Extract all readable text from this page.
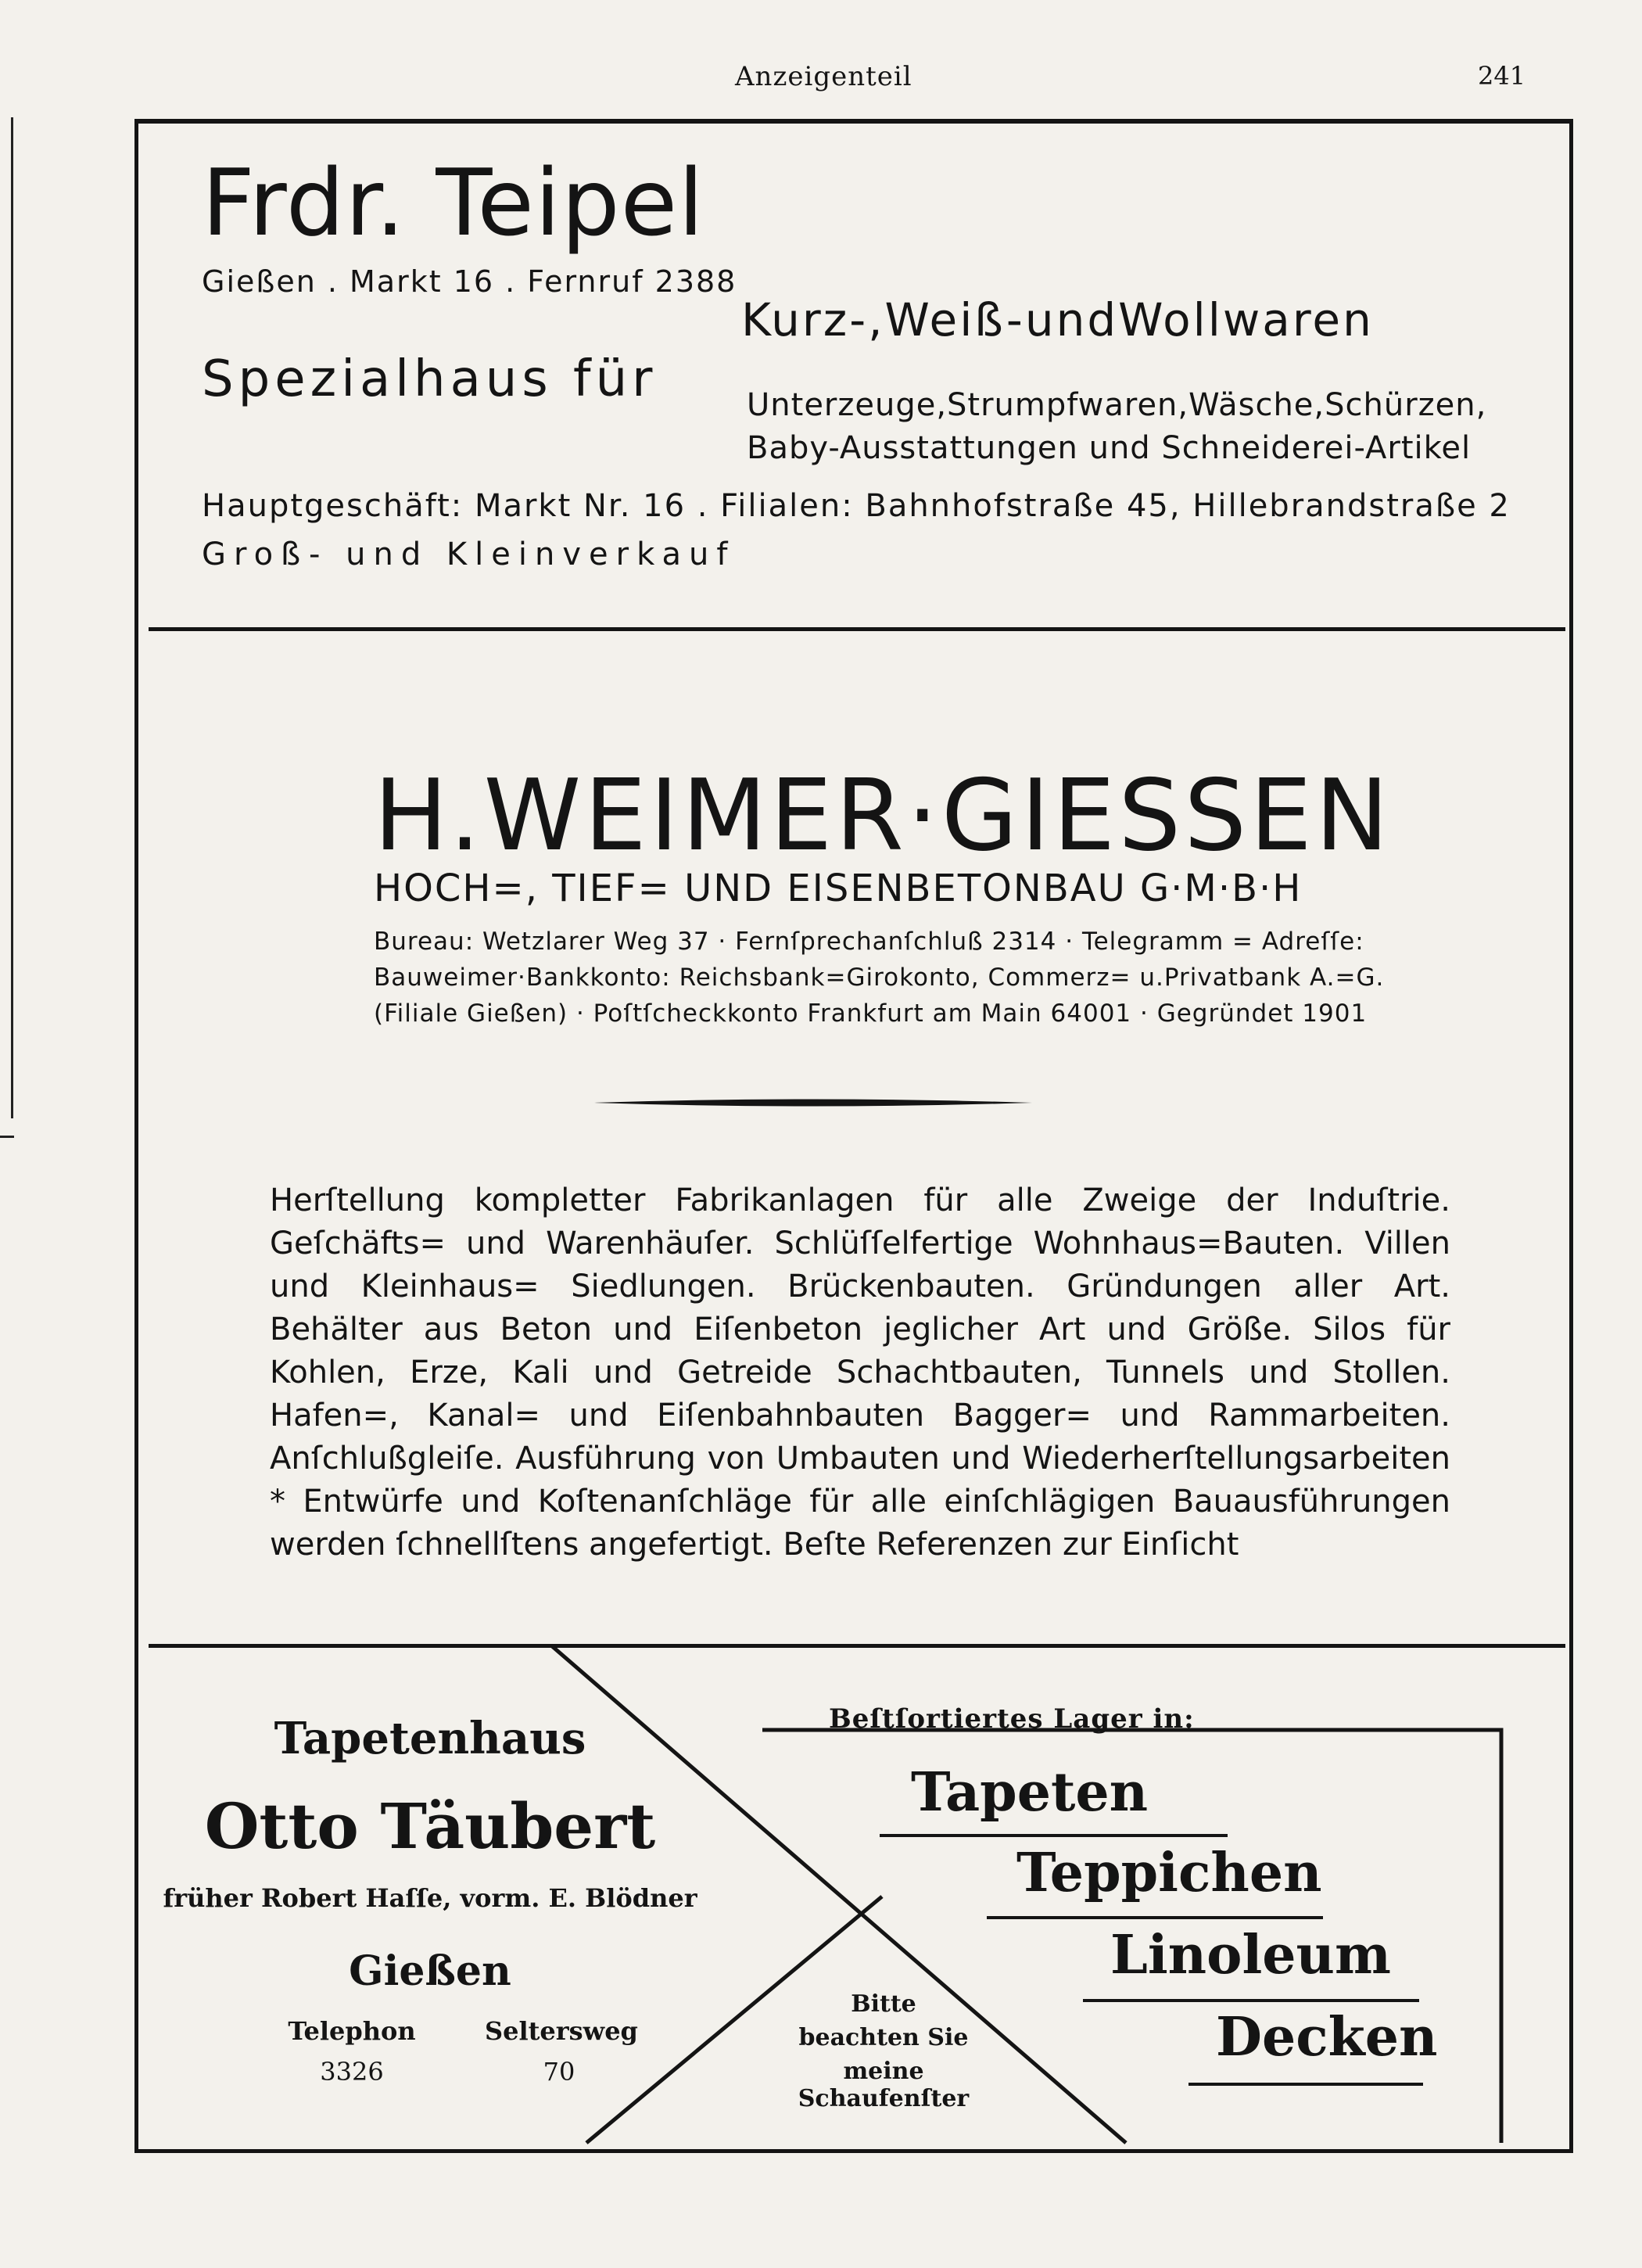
Anzeigenteil	241
Frdr. Teipel
Gießen . Markt 16 . Fernruf 2388
Kurz-,Weiß-undWollwaren
Spezialhaus für	Unterzeuge,Strumpfwaren,Wäsche,Schürzen,
Baby-Ausstattungen und Schneiderei-Artikel
Hauptgeschäft: Markt Nr. 16 . Filialen: Bahnhofstraße 45, Hillebrandstraße 2
Groß- und Kleinverkauf
H.WEIMER·GIESSEN
HOCH=, TIEF= UND EISENBETONBAU G·M·B·H
Bureau: Wetzlarer Weg 37 · Fernſprechanſchluß 2314 · Telegramm = Adreſſe:
Bauweimer·Bankkonto: Reichsbank=Girokonto, Commerz= u.Privatbank A.=G.
(Filiale Gießen) · Poſtſcheckkonto Frankfurt am Main 64001 · Gegründet 1901
Herſtellung kompletter Fabrikanlagen für alle Zweige der Induſtrie. Geſchäfts= und Warenhäuſer. Schlüſſelfertige Wohnhaus=Bauten. Villen und Kleinhaus= Siedlungen. Brückenbauten. Gründungen aller Art. Behälter aus Beton und Eiſenbeton jeglicher Art und Größe. Silos für Kohlen, Erze, Kali und Getreide Schachtbauten, Tunnels und Stollen. Hafen=, Kanal= und Eiſenbahnbauten Bagger= und Rammarbeiten. Anſchlußgleiſe. Ausführung von Umbauten und Wiederherſtellungsarbeiten * Entwürfe und Koſtenanſchläge für alle einſchlägigen Bauausführungen werden ſchnellſtens angefertigt. Beſte Referenzen zur Einſicht
Tapetenhaus
Otto Täubert
früher Robert Haſſe, vorm. E. Blödner
Gießen
Telephon
3326
Seltersweg
70
Bitte
beachten Sie
meine Schaufenſter
Beſtſortiertes Lager in:
Tapeten
Teppichen
Linoleum
Decken
